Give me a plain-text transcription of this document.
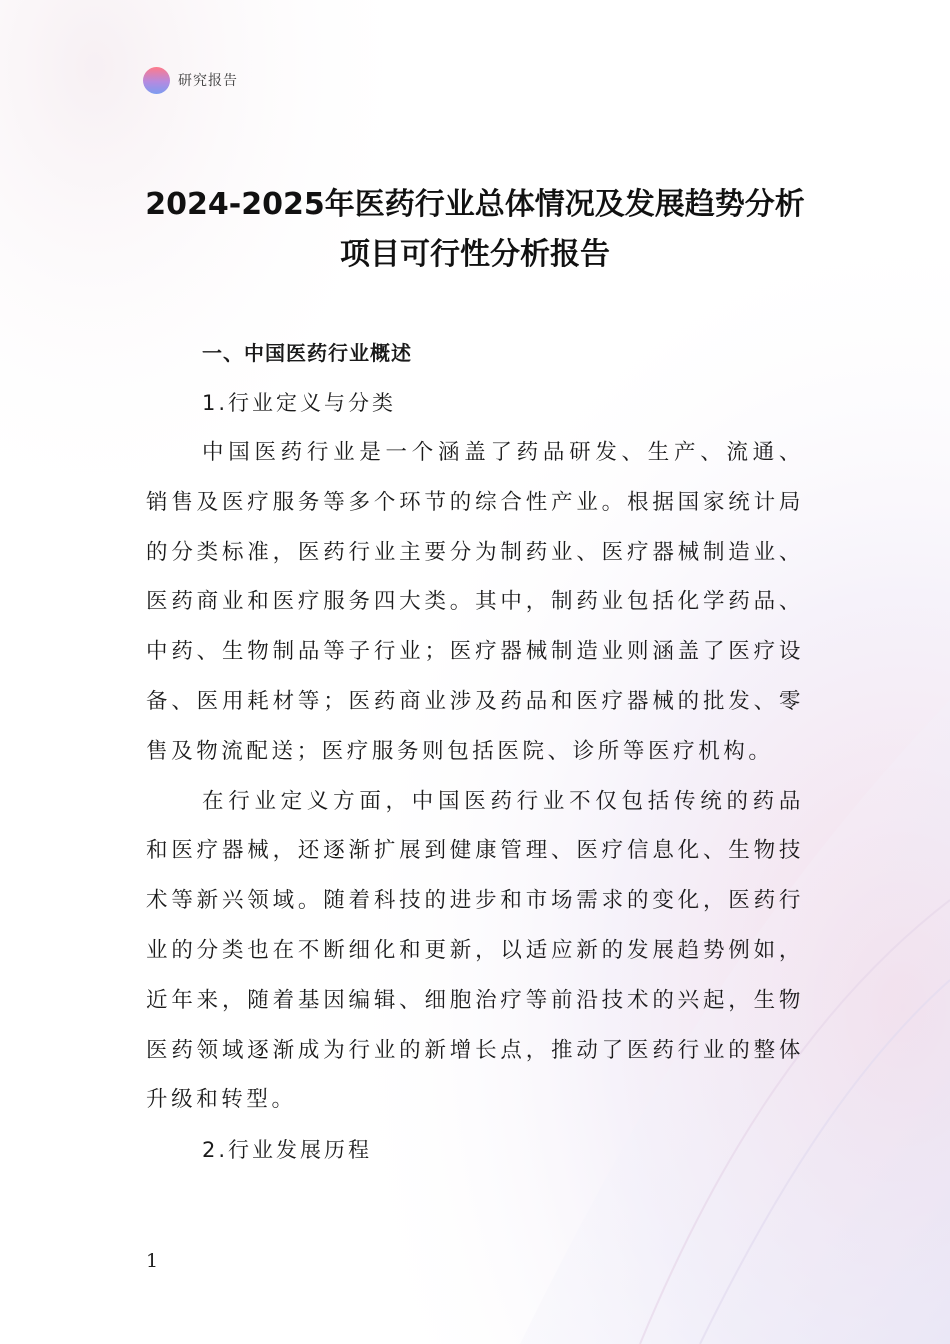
研究报告
2024-2025年医药行业总体情况及发展趋势分析
项目可行性分析报告
一、中国医药行业概述
1.行业定义与分类

中国医药行业是一个涵盖了药品研发、生产、流通、销售及医疗服务等多个环节的综合性产业。根据国家统计局的分类标准，医药行业主要分为制药业、医疗器械制造业、医药商业和医疗服务四大类。其中，制药业包括化学药品、中药、生物制品等子行业；医疗器械制造业则涵盖了医疗设备、医用耗材等；医药商业涉及药品和医疗器械的批发、零售及物流配送；医疗服务则包括医院、诊所等医疗机构。

在行业定义方面，中国医药行业不仅包括传统的药品和医疗器械，还逐渐扩展到健康管理、医疗信息化、生物技术等新兴领域。随着科技的进步和市场需求的变化，医药行业的分类也在不断细化和更新，以适应新的发展趋势例如，近年来，随着基因编辑、细胞治疗等前沿技术的兴起，生物医药领域逐渐成为行业的新增长点，推动了医药行业的整体升级和转型。

2.行业发展历程
1
